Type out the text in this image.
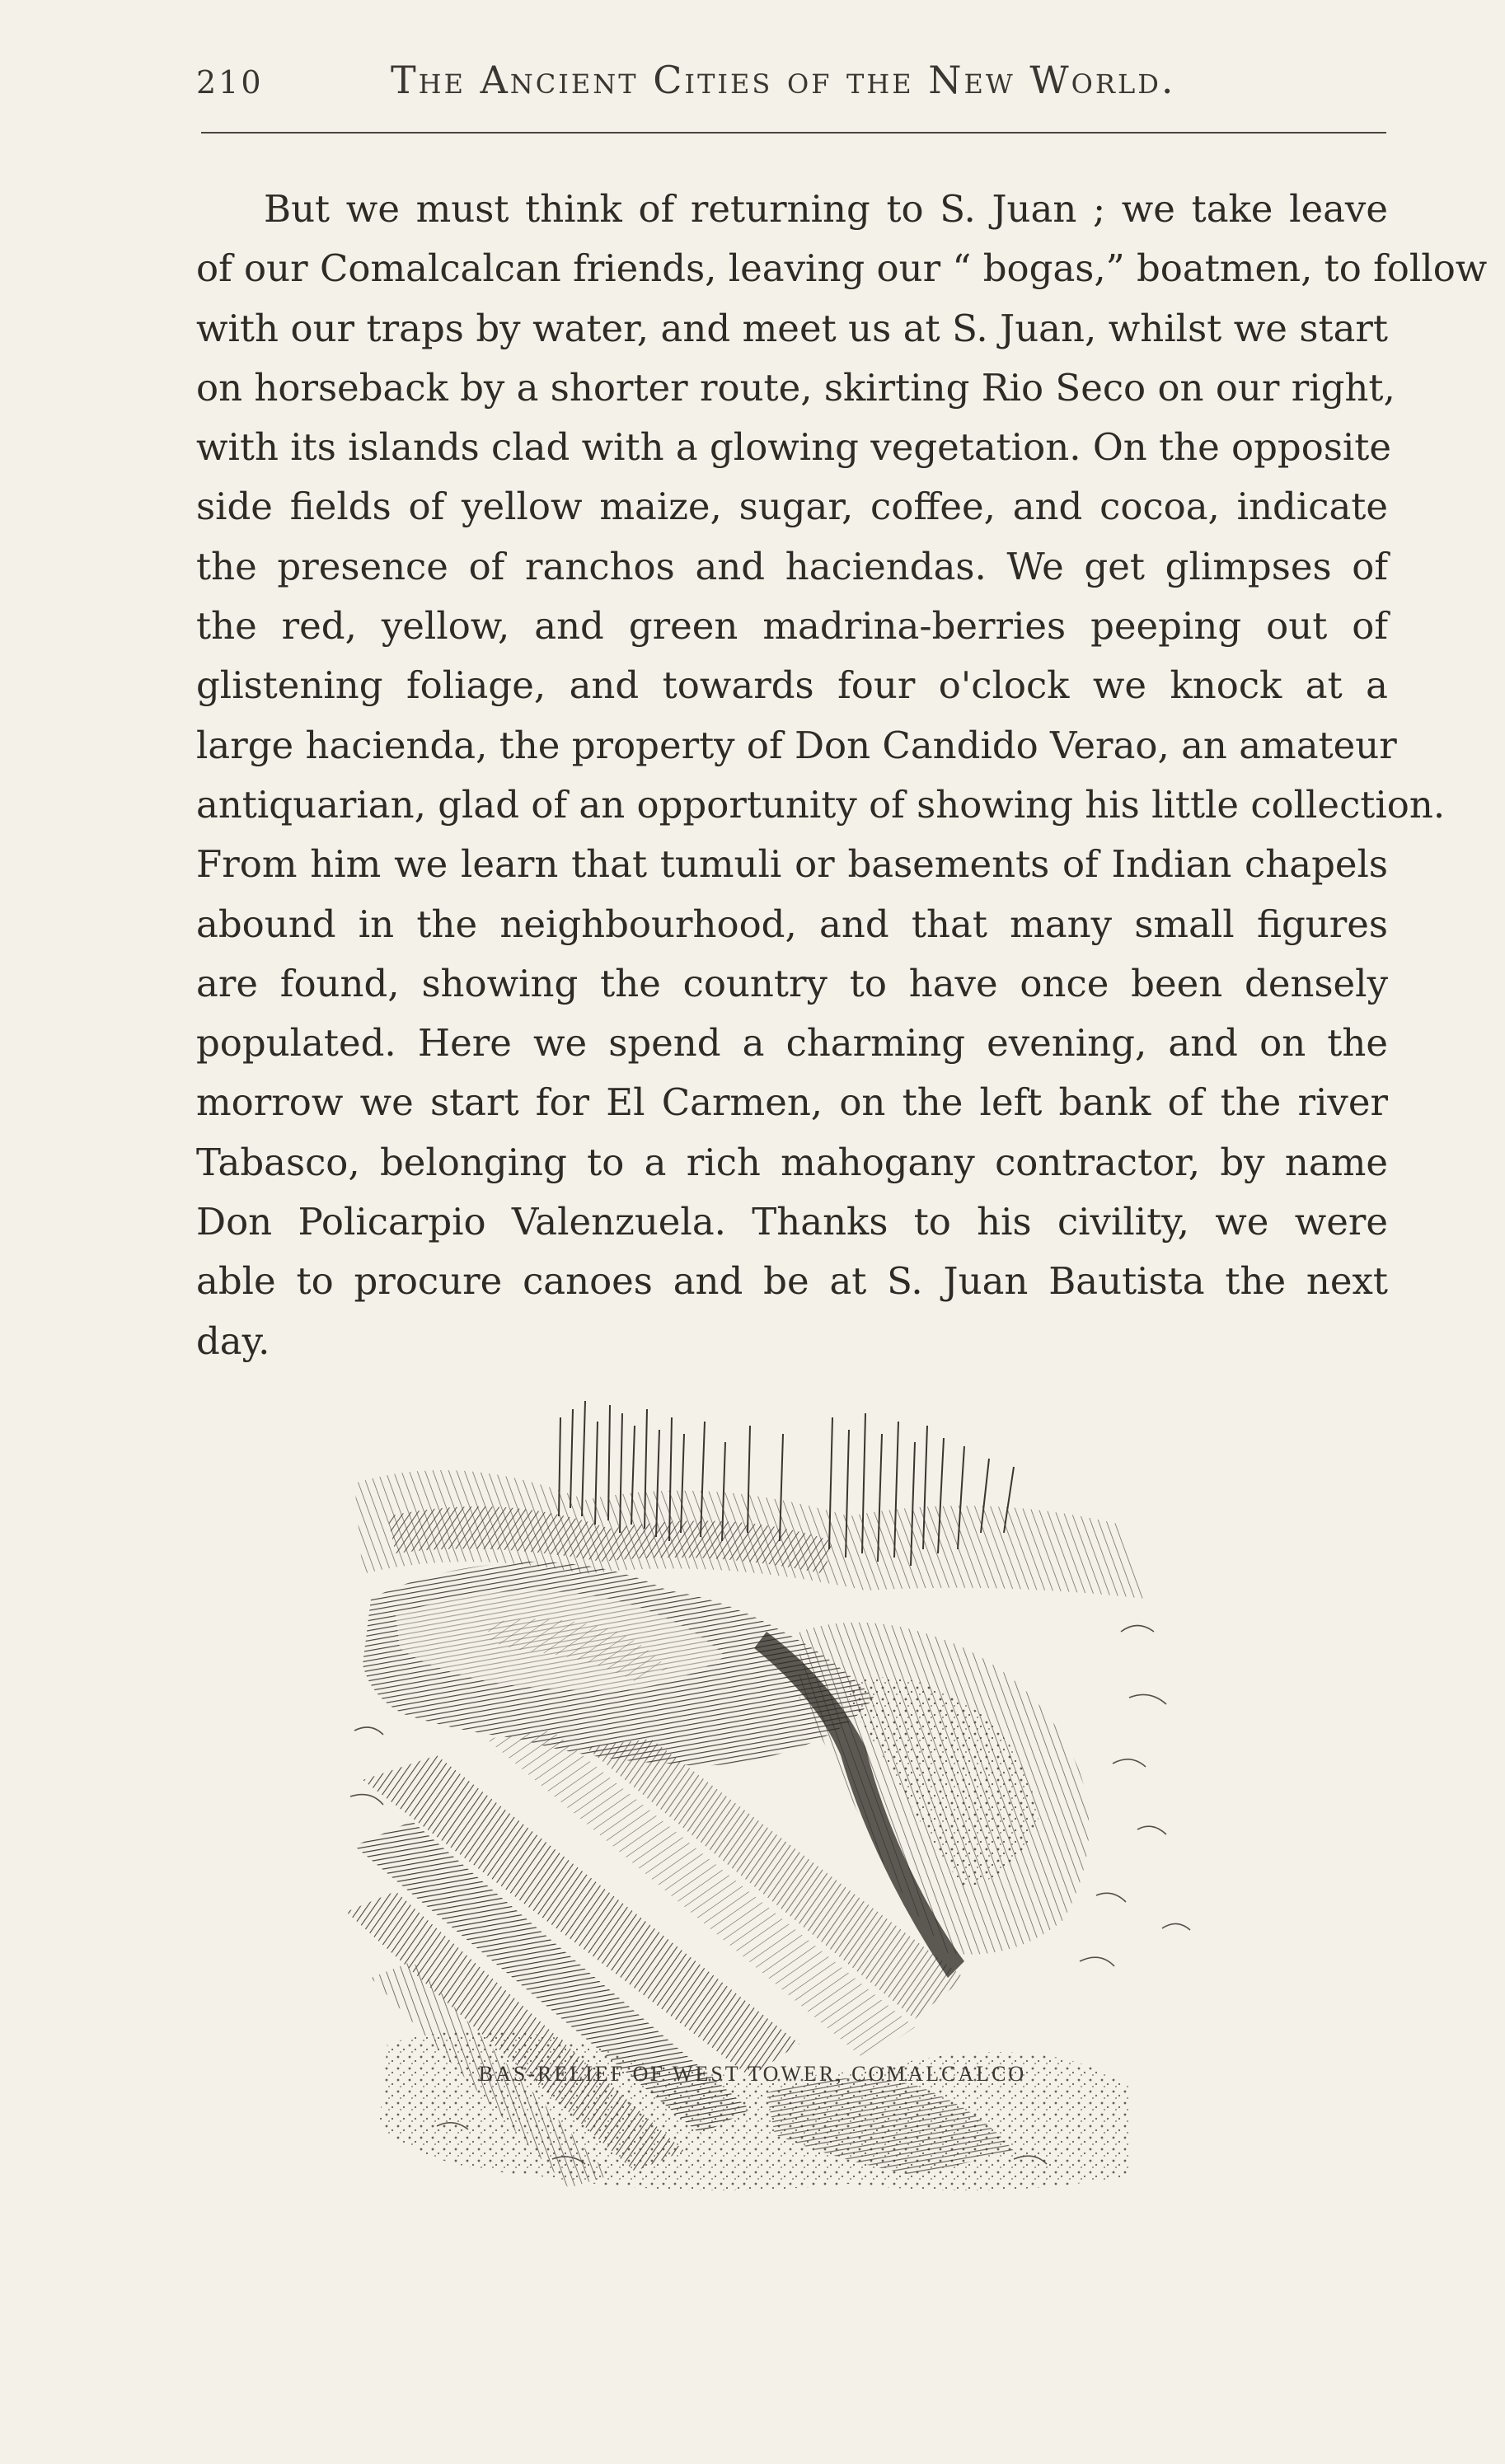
210	The Ancient Cities of the New World.
But we must think of returning to S. Juan ; we take leave
of our Comalcalcan friends, leaving our “ bogas,” boatmen, to follow
with our traps by water, and meet us at S. Juan, whilst we start
on horseback by a shorter route, skirting Rio Seco on our right,
with its islands clad with a glowing vegetation. On the opposite
side fields of yellow maize, sugar, coffee, and cocoa, indicate
the presence of ranchos and haciendas. We get glimpses of
the red, yellow, and green madrina-berries peeping out of
glistening foliage, and towards four o'clock we knock at a
large hacienda, the property of Don Candido Verao, an amateur
antiquarian, glad of an opportunity of showing his little collection.
From him we learn that tumuli or basements of Indian chapels
abound in the neighbourhood, and that many small figures
are found, showing the country to have once been densely
populated. Here we spend a charming evening, and on the
morrow we start for El Carmen, on the left bank of the river
Tabasco, belonging to a rich mahogany contractor, by name
Don Policarpio Valenzuela. Thanks to his civility, we were
able to procure canoes and be at S. Juan Bautista the next
day.
BAS-RELIEF OF WEST TOWER, COMALCALCO
